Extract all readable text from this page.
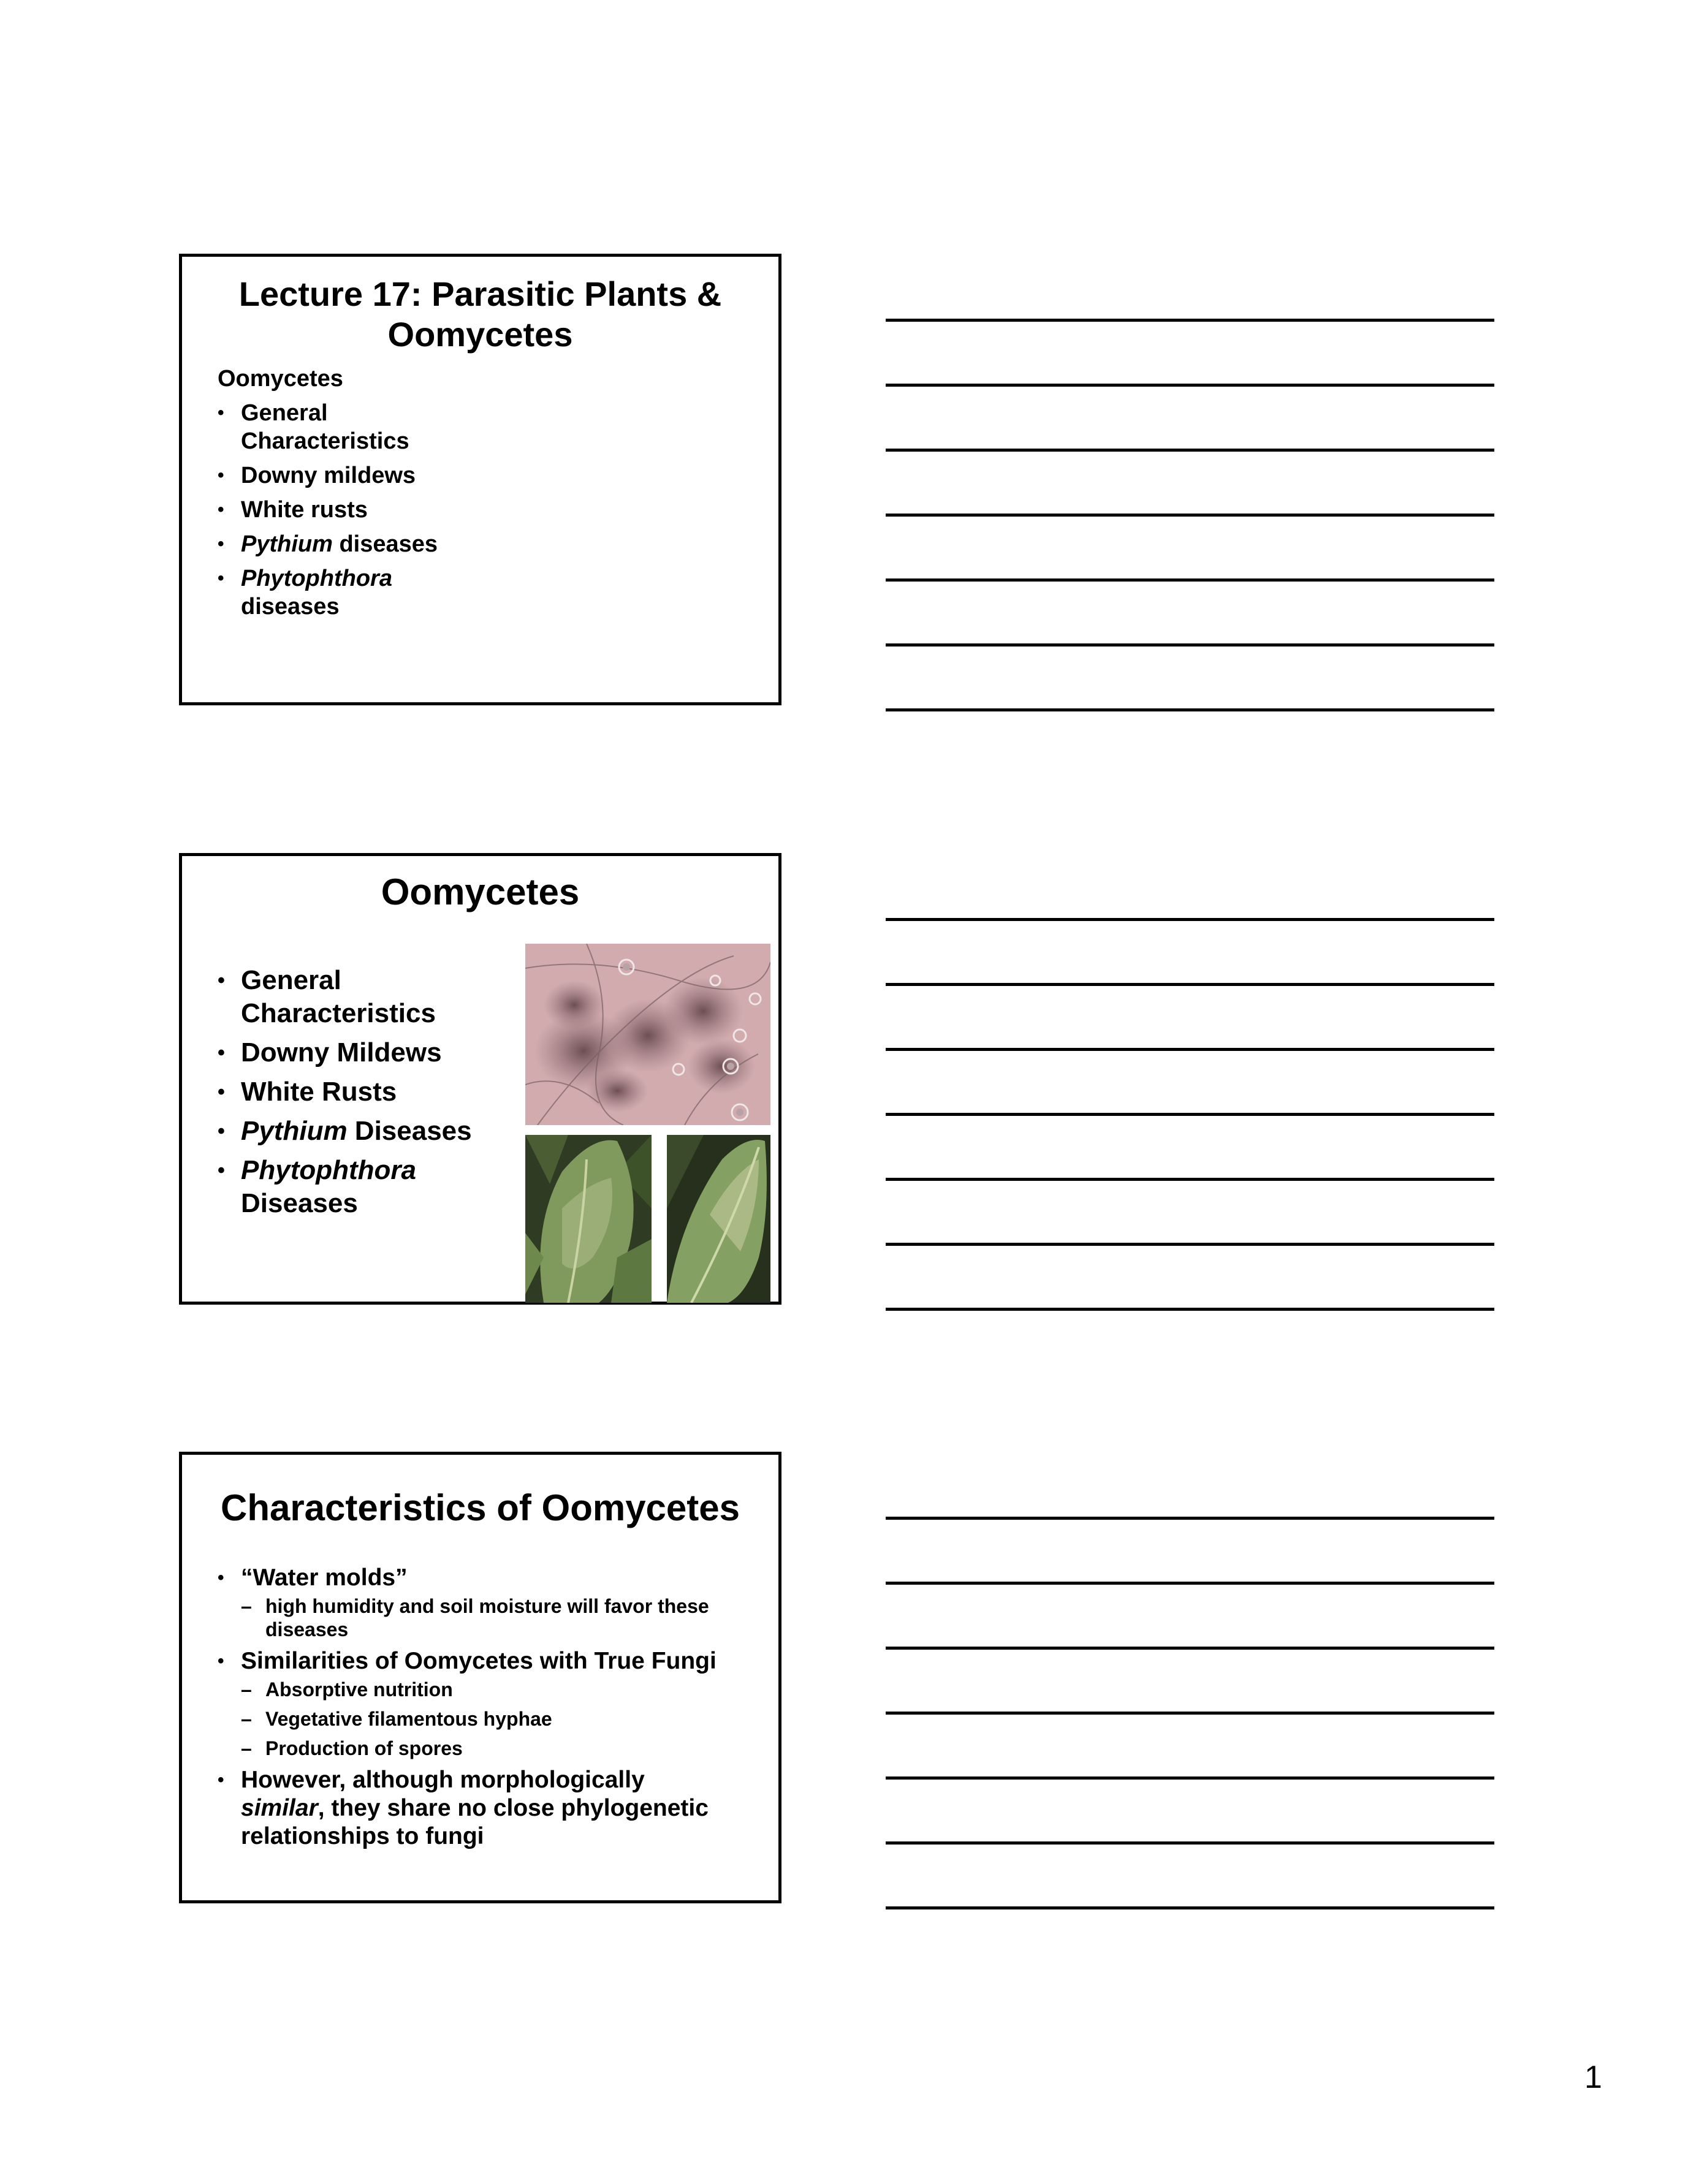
Lecture 17: Parasitic Plants & Oomycetes
Oomycetes
• General Characteristics
• Downy mildews
• White rusts
• Pythium diseases
• Phytophthora diseases
Oomycetes
• General Characteristics
• Downy Mildews
• White Rusts
• Pythium Diseases
• Phytophthora Diseases
Characteristics of Oomycetes
• “Water molds”
– high humidity and soil moisture will favor these diseases
• Similarities of Oomycetes with True Fungi
– Absorptive nutrition
– Vegetative filamentous hyphae
– Production of spores
• However, although morphologically similar, they share no close phylogenetic relationships to fungi
1
